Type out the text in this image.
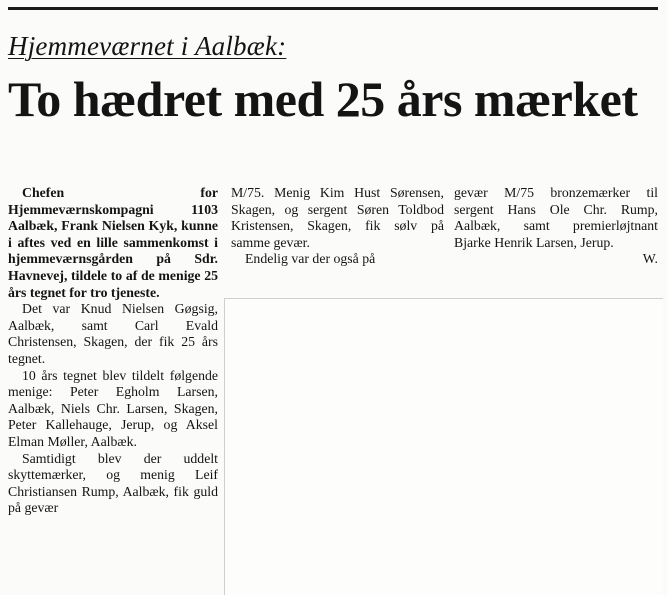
Hjemmeværnet i Aalbæk:
To hædret med 25 års mærket

Chefen for Hjemmeværnskompagni 1103 Aalbæk, Frank Nielsen Kyk, kunne i aftes ved en lille sammenkomst i hjemmeværnsgården på Sdr. Havnevej, tildele to af de menige 25 års tegnet for tro tjeneste.

Det var Knud Nielsen Gøgsig, Aalbæk, samt Carl Evald Christensen, Skagen, der fik 25 års tegnet.

10 års tegnet blev tildelt følgende menige: Peter Egholm Larsen, Aalbæk, Niels Chr. Larsen, Skagen, Peter Kallehauge, Jerup, og Aksel Elman Møller, Aalbæk.

Samtidigt blev der uddelt skyttemærker, og menig Leif Christiansen Rump, Aalbæk, fik guld på gevær

M/75. Menig Kim Hust Sørensen, Skagen, og sergent Søren Toldbod Kristensen, Skagen, fik sølv på samme gevær.

Endelig var der også på

gevær M/75 bronzemærker til sergent Hans Ole Chr. Rump, Aalbæk, samt premierløjtnant Bjarke Henrik Larsen, Jerup.

W.
